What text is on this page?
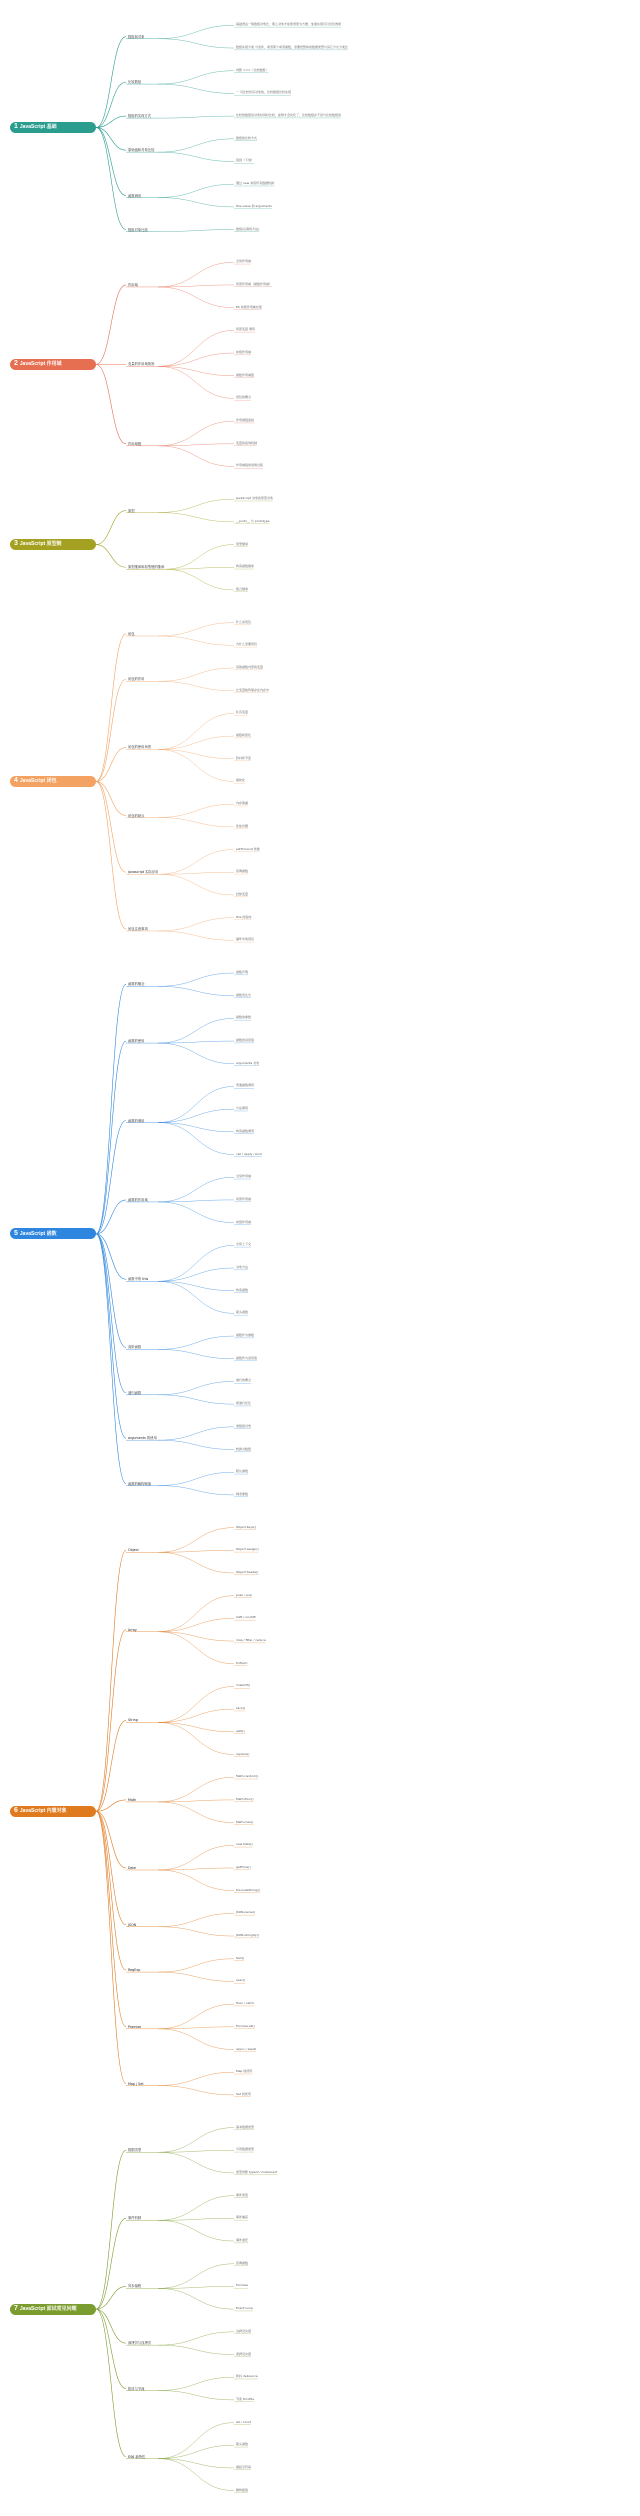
1 JavaScript 基础
数组和对象
基础语法一般数组对象比，那么对象才能使得更为方便，加速实现可以优化效果
数组实现方案 分条件，或者那个或者函数，需要把整体的数据类型与其它方式方案比
比较数组
判断 ===（比较数组）
一 可比较所有对象的，比较数组比较实现
数组的实现方式	比较的数组是对象时同时比较，能够才会优化了，比较数组并不是与比较数组的
原始值和对象比较
数组的比较方式
直到（下划）
函数调用
通过 new 来将所有数据转换
this.value 和 arguments
数组对象比较	数组(运算的方法)
2 JavaScript 作用域
作用域
全局作用域
局部作用域（函数作用域）
ES 块级作用域实现
变量的作用域规则
局部变量 调用
块级作用域
函数作用域链
闭包的概念
作用域链
作用域链查找
变量的查询机制
作用域链的创建过程
3 JavaScript 原型链
原型
JavaScript 对象的原型对象
__proto__ 与 prototype
原型继承和原型链的继承
原型继承
构造函数继承
组合继承
4 JavaScript 闭包
闭包
什么是闭包
为什么需要闭包
闭包的作用
读取函数内部的变量
让变量始终保存在内存中
闭包的使用场景
私有变量
函数柯里化
防抖和节流
模块化
闭包的缺点
内存泄漏
性能问题
javascript 实际应用
setTimeout 传参
回调函数
封装变量
闭包注意事项
this 的指向
循环中的闭包
5 JavaScript 函数
函数的概念
函数声明
函数表达式
函数的使用
函数的参数
函数的返回值
arguments 对象
函数的调用
普通函数调用
方法调用
构造函数调用
call / apply / bind
函数的作用域
全局作用域
局部作用域
块级作用域
函数中的 this
全局上下文
对象方法
构造函数
箭头函数
高阶函数
函数作为参数
函数作为返回值
递归函数
递归的概念
尾递归优化
arguments 的使用
类数组对象
转换为数组
函数的解构赋值
默认参数
剩余参数
6 JavaScript 内置对象
Object
Object.keys()
Object.assign()
Object.freeze()
Array
push / pop
shift / unshift
map / filter / reduce
forEach
String
indexOf()
slice()
split()
replace()
Math
Math.random()
Math.floor()
Math.max()
Date
new Date()
getTime()
toLocaleString()
JSON
JSON.parse()
JSON.stringify()
RegExp
test()
exec()
Promise
then / catch
Promise.all()
async / await
Map / Set
Map 的使用
Set 的使用
7 JavaScript 面试常见问题
数据类型
基本数据类型
引用数据类型
类型判断 typeof / instanceof
事件机制
事件冒泡
事件捕获
事件委托
异步编程
回调函数
Promise
Event Loop
深拷贝与浅拷贝
浅拷贝实现
深拷贝实现
防抖与节流
防抖 debounce
节流 throttle
ES6 新特性
let / const
箭头函数
模板字符串
解构赋值
